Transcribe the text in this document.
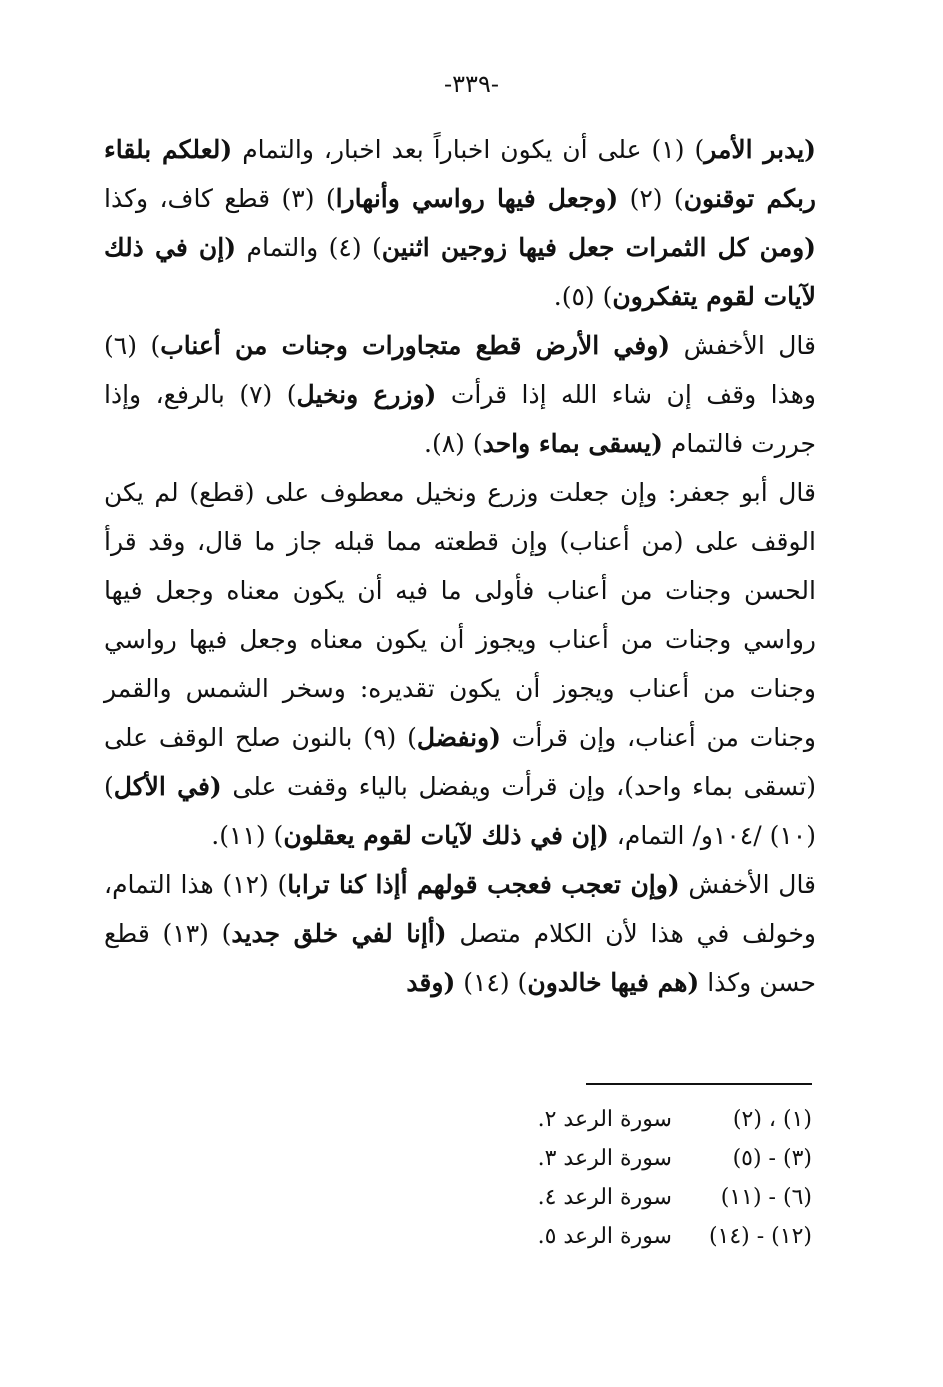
-٣٣٩-

(يدبر الأمر) (١) على أن يكون اخباراً بعد اخبار، والتمام (لعلكم بلقاء ربكم توقنون) (٢) (وجعل فيها رواسي وأنهارا) (٣) قطع كاف، وكذا (ومن كل الثمرات جعل فيها زوجين اثنين) (٤) والتمام (إن في ذلك لآيات لقوم يتفكرون) (٥).

قال الأخفش (وفي الأرض قطع متجاورات وجنات من أعناب) (٦) وهذا وقف إن شاء الله إذا قرأت (وزرع ونخيل) (٧) بالرفع، وإذا جررت فالتمام (يسقى بماء واحد) (٨).

قال أبو جعفر: وإن جعلت وزرع ونخيل معطوف على (قطع) لم يكن الوقف على (من أعناب) وإن قطعته مما قبله جاز ما قال، وقد قرأ الحسن وجنات من أعناب فأولى ما فيه أن يكون معناه وجعل فيها رواسي وجنات من أعناب ويجوز أن يكون معناه وجعل فيها رواسي وجنات من أعناب ويجوز أن يكون تقديره: وسخر الشمس والقمر وجنات من أعناب، وإن قرأت (ونفضل) (٩) بالنون صلح الوقف على (تسقى بماء واحد)، وإن قرأت ويفضل بالياء وقفت على (في الأكل) (١٠) /١٠٤و/ التمام، (إن في ذلك لآيات لقوم يعقلون) (١١).

قال الأخفش (وإن تعجب فعجب قولهم أإذا كنا ترابا) (١٢) هذا التمام، وخولف في هذا لأن الكلام متصل (أإنا لفي خلق جديد) (١٣) قطع حسن وكذا (هم فيها خالدون) (١٤) (وقد

(١) ، (٢)
سورة الرعد ٢.
(٣) - (٥)
سورة الرعد ٣.
(٦) - (١١)
سورة الرعد ٤.
(١٢) - (١٤)
سورة الرعد ٥.
